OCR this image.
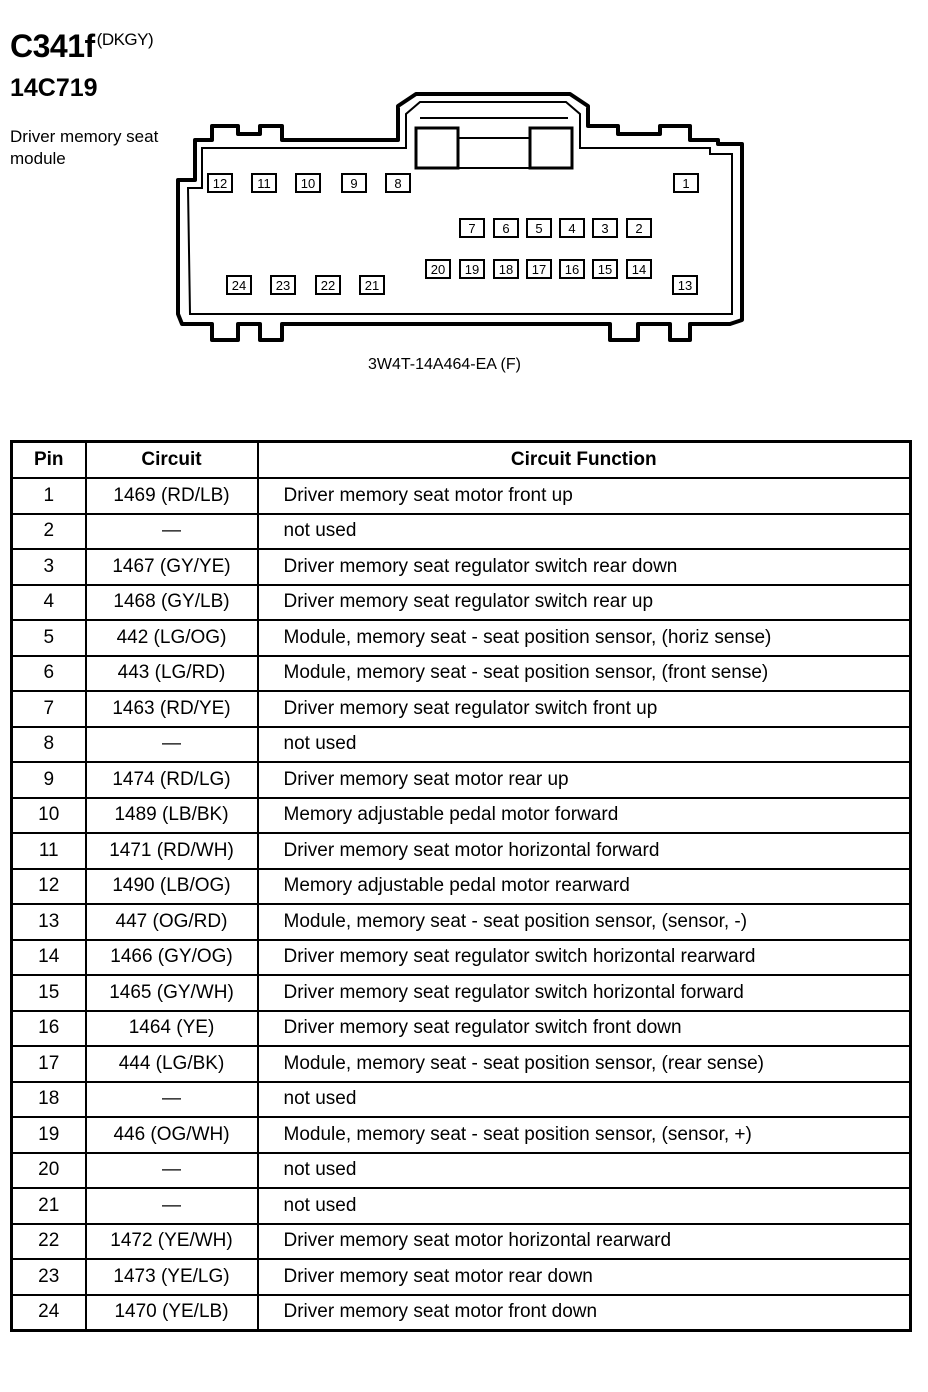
C341f $^{(DKGY)}$
14C719
Driver memory seat module
12 11 10	9	8	1
7 6 5 4 3 2
20 19 18 17 16 15 14
13
24 23 22 21
3W4T-14A464-EA (F)
Pin	Circuit	Circuit Function
1	1469 (RD/LB)	Driver memory seat motor front up
2	—	not used
3	1467 (GY/YE)	Driver memory seat regulator switch rear down
4	1468 (GY/LB)	Driver memory seat regulator switch rear up
5	442 (LG/OG)	Module, memory seat - seat position sensor, (horiz sense)
6	443 (LG/RD)	Module, memory seat - seat position sensor, (front sense)
7	1463 (RD/YE)	Driver memory seat regulator switch front up
8	—	not used
9	1474 (RD/LG)	Driver memory seat motor rear up
10	1489 (LB/BK)	Memory adjustable pedal motor forward
11	1471 (RD/WH)	Driver memory seat motor horizontal forward
12	1490 (LB/OG)	Memory adjustable pedal motor rearward
13	447 (OG/RD)	Module, memory seat - seat position sensor, (sensor, -)
14	1466 (GY/OG)	Driver memory seat regulator switch horizontal rearward
15	1465 (GY/WH)	Driver memory seat regulator switch horizontal forward
16	1464 (YE)	Driver memory seat regulator switch front down
17	444 (LG/BK)	Module, memory seat - seat position sensor, (rear sense)
18	—	not used
19	446 (OG/WH)	Module, memory seat - seat position sensor, (sensor, +)
20	—	not used
21	—	not used
22	1472 (YE/WH)	Driver memory seat motor horizontal rearward
23	1473 (YE/LG)	Driver memory seat motor rear down
24	1470 (YE/LB)	Driver memory seat motor front down
